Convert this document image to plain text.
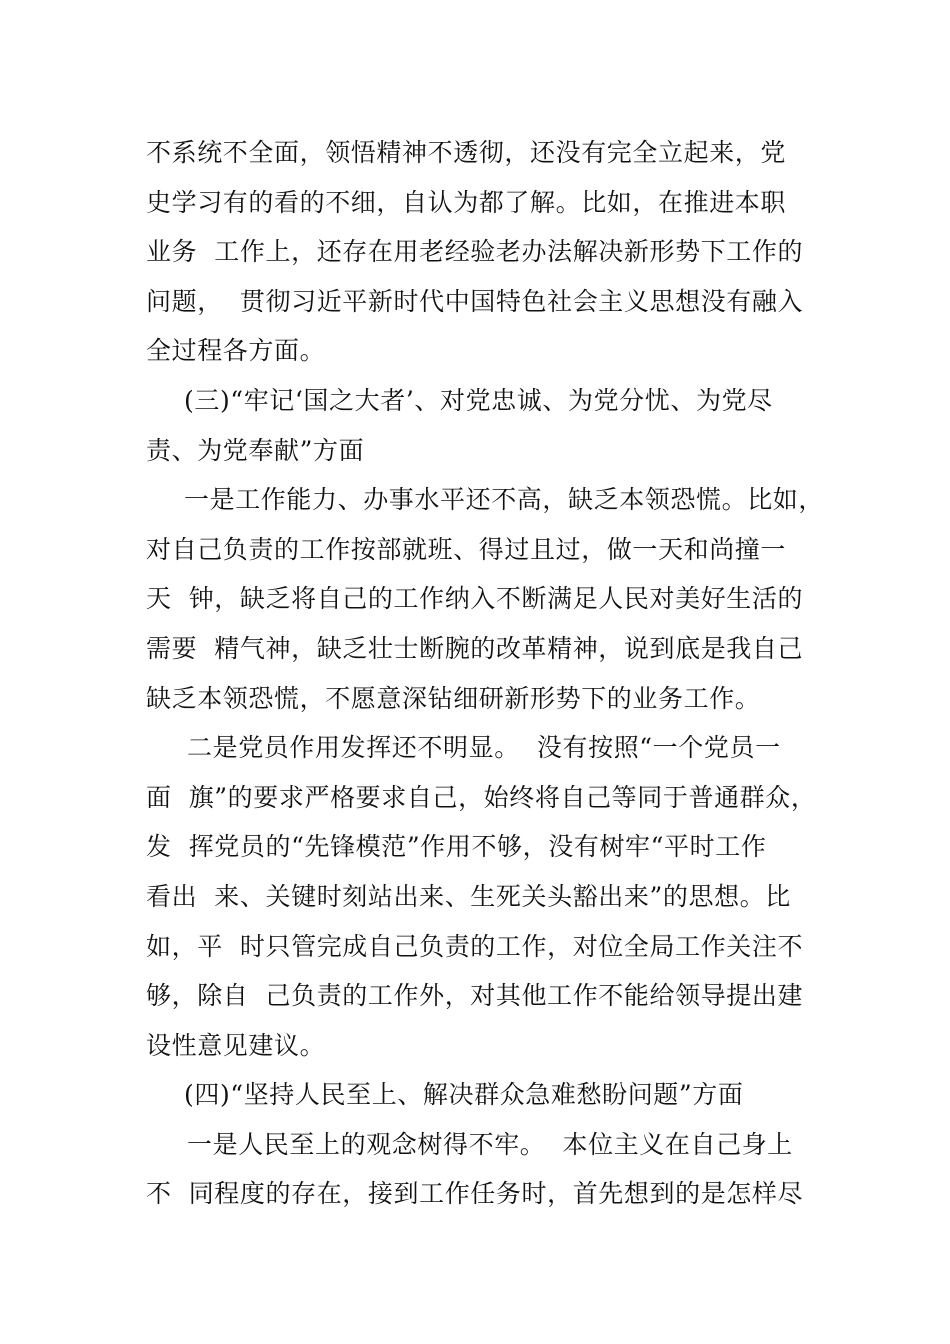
不系统不全面，领悟精神不透彻，还没有完全立起来，党
史学习有的看的不细，自认为都了解。比如，在推进本职
业务  工作上，还存在用老经验老办法解决新形势下工作的
问题，  贯彻习近平新时代中国特色社会主义思想没有融入
全过程各方面。
(三)“牢记‘国之大者’、对党忠诚、为党分忧、为党尽
责、为党奉献”方面
一是工作能力、办事水平还不高，缺乏本领恐慌。比如，
对自己负责的工作按部就班、得过且过，做一天和尚撞一
天  钟，缺乏将自己的工作纳入不断满足人民对美好生活的
需要  精气神，缺乏壮士断腕的改革精神，说到底是我自己
缺乏本领恐慌，不愿意深钻细研新形势下的业务工作。
二是党员作用发挥还不明显。  没有按照“一个党员一
面  旗”的要求严格要求自己，始终将自己等同于普通群众，
发  挥党员的“先锋模范”作用不够，没有树牢“平时工作
看出  来、关键时刻站出来、生死关头豁出来”的思想。比
如，平  时只管完成自己负责的工作，对位全局工作关注不
够，除自  己负责的工作外，对其他工作不能给领导提出建
设性意见建议。
(四)“坚持人民至上、解决群众急难愁盼问题”方面
一是人民至上的观念树得不牢。  本位主义在自己身上
不  同程度的存在，接到工作任务时，首先想到的是怎样尽
